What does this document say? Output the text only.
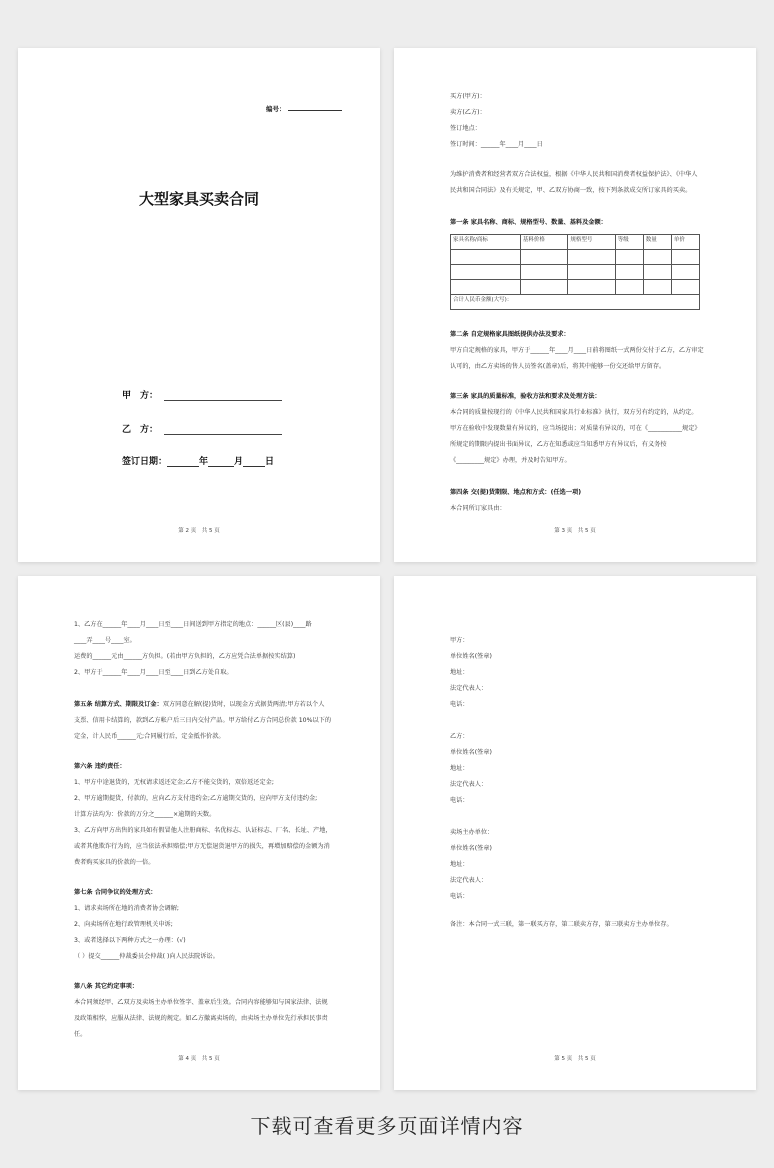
编号：
大型家具买卖合同
甲　方：
乙　方：
签订日期：	年	月 日
第 2 页　共 5 页
买方(甲方)：
卖方(乙方)：
签订地点：
签订时间：______年____月____日
为维护消费者和经营者双方合法权益，根据《中华人民共和国消费者权益保护法》、《中华人
民共和国合同法》及有关规定，甲、乙双方协商一致，按下列条款成交所订家具的买卖。
第一条 家具名称、商标、规格型号、数量、基料及金额：
家具名称/商标	基料价格	规格型号	等级	数量	单价

合计人民币金额(大写)：					
第二条 自定规格家具图纸提供办法及要求：
甲方自定规格的家具，甲方于______年____月____日前将图纸一式两份交付于乙方，乙方审定
认可的，由乙方卖场的售人员签名(盖章)后，将其中能够一份交还给甲方留存。
第三条 家具的质量标准，验收方法和要求及处理方法：
本合同的质量按现行的《中华人民共和国家具行业标准》执行，双方另有约定的，从约定。
甲方在验收中发现数量有异议的，应当场提出；对质量有异议的，可在《___________规定》
所规定的期限内提出书面异议，乙方在知悉或应当知悉甲方有异议后，有义务按
《_________规定》办理，并及时告知甲方。
第四条 交(提)货期限、地点和方式：(任选一项)
本合同所订家具由：
第 3 页　共 5 页
1、乙方在______年____月____日至____日间送到甲方指定的地点：______区(县)____路
____弄____号____室。
运费的______元由______方负担。(若由甲方负担的，乙方应凭合法单据按实结算)
2、甲方于______年____月____日至____日到乙方处自取。
第五条 结算方式、期限及订金：双方同意在解(提)货时，以现金方式据货两清;甲方若以个人
支票、信用卡结算的，款到乙方帐户后三日内交付产品。甲方给付乙方合同总价款 10%以下的
定金，计人民币______元;合同履行后，定金抵作价款。
第六条 违约责任：
1、甲方中途退货的，无权请求返还定金;乙方不能交货的，双倍返还定金;
2、甲方逾期提货，付款的，应向乙方支付违约金;乙方逾期交货的，应向甲方支付违约金;
计算方法均为：价款的万分之______×逾期的天数。
3、乙方向甲方出售的家具如有假冒他人注册商标、名优标志、认证标志、厂名、长址、产地，
或者其他欺诈行为的，应当依法承担赔偿;甲方无偿退货退甲方的损失，再增加赔偿的金额为消
费者购买家具的价款的一倍。
第七条 合同争议的处理方式：
1、请求卖场所在地的消费者协会调解;
2、向卖场所在地行政管理机关申诉;
3、或者选择以下两种方式之一办理：(√)
（ ）提交______仲裁委员会仲裁( )向人民法院诉讼。
第八条 其它约定事项：
本合同须经甲、乙双方及卖场主办单位签字、盖章后生效。合同内容能够知与国家法律、法规
及政策相悖，应服从法律、法规的规定。如乙方撤离卖场的，由卖场主办单位先行承担民事责
任。
第 4 页　共 5 页
甲方：
单位姓名(签章)
地址：
法定代表人：
电话：
乙方：
单位姓名(签章)
地址：
法定代表人：
电话：
卖场主办单位：
单位姓名(签章)
地址：
法定代表人：
电话：
备注：本合同一式三联，第一联买方存，第二联卖方存，第三联卖方主办单位存。
第 5 页　共 5 页
下载可查看更多页面详情内容
